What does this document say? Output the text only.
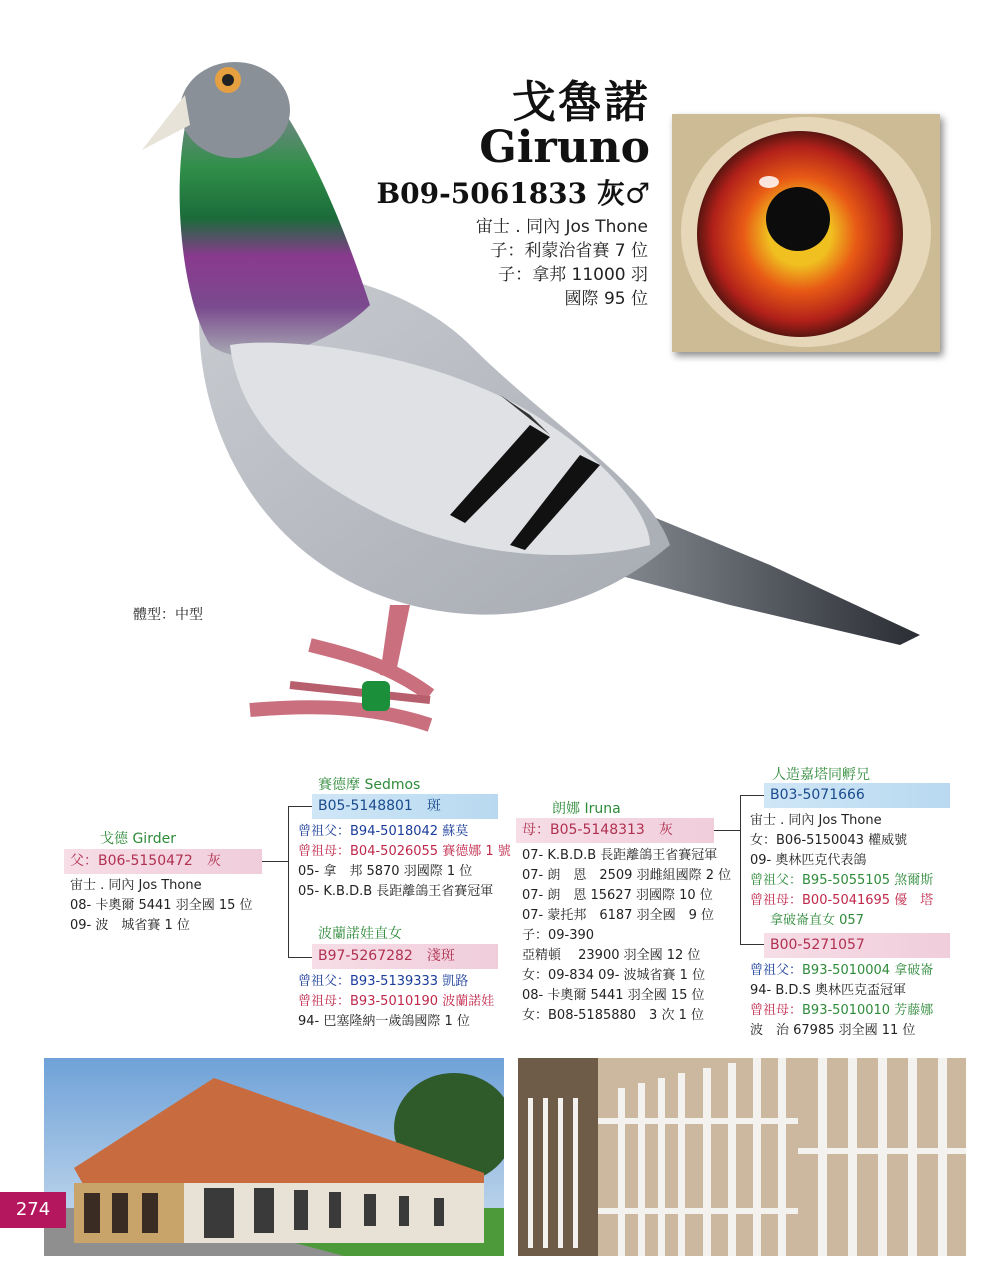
戈魯諾
Giruno
B09-5061833 灰♂
宙士 . 同內 Jos Thone
子：利蒙治省賽 7 位
子：拿邦 11000 羽
國際 95 位
體型：中型
戈德 Girder
父：B06-5150472　灰
宙士 . 同內 Jos Thone
08- 卡奧爾 5441 羽全國 15 位
09- 波　城省賽 1 位
賽德摩 Sedmos
B05-5148801　斑
曾祖父：B94-5018042 蘇莫
曾祖母：B04-5026055 賽德娜 1 號
05- 拿　邦 5870 羽國際 1 位
05- K.B.D.B 長距離鴿王省賽冠軍
波蘭諾娃直女
B97-5267282　淺斑
曾祖父：B93-5139333 凱路
曾祖母：B93-5010190 波蘭諾娃
94- 巴塞隆納一歲鴿國際 1 位
朗娜 Iruna
母：B05-5148313　灰
07- K.B.D.B 長距離鴿王省賽冠軍
07- 朗　恩　2509 羽雌組國際 2 位
07- 朗　恩 15627 羽國際 10 位
07- 蒙托邦　6187 羽全國　9 位
子：09-390
亞精頓　 23900 羽全國 12 位
女：09-834 09- 波城省賽 1 位
08- 卡奧爾 5441 羽全國 15 位
女：B08-5185880　3 次 1 位
人造嘉塔同孵兄
B03-5071666
宙士 . 同內 Jos Thone
女：B06-5150043 權威號
09- 奧林匹克代表鴿
曾祖父：B95-5055105 煞爾斯
曾祖母：B00-5041695 優　塔
拿破崙直女 057
B00-5271057
曾祖父：B93-5010004 拿破崙
94- B.D.S 奧林匹克盃冠軍
曾祖母：B93-5010010 芳藤娜
波　治 67985 羽全國 11 位
274
